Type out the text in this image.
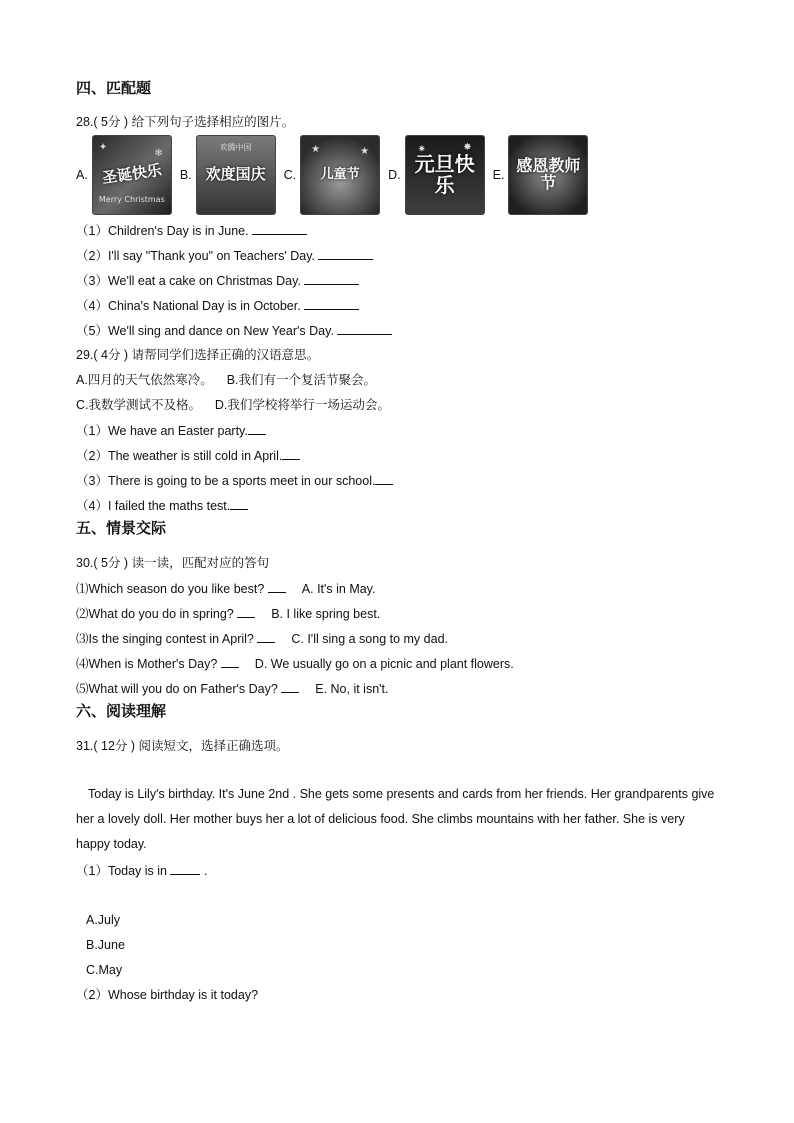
四、匹配题
28.( 5分 ) 给下列句子选择相应的图片。
A.
✦
❄
圣诞快乐
Merry Christmas
B.
欢腾中国
欢度国庆 C.
★	★
儿童节 D.
✷	✸
元旦快乐	E. 感恩教师节
（1）Children's Day is in June.
（2）I'll say "Thank you" on Teachers' Day.
（3）We'll eat a cake on Christmas Day.
（4）China's National Day is in October.
（5）We'll sing and dance on New Year's Day.
29.( 4分 ) 请帮同学们选择正确的汉语意思。
A.四月的天气依然寒冷。    B.我们有一个复活节聚会。
C.我数学测试不及格。    D.我们学校将举行一场运动会。
（1）We have an Easter party.
（2）The weather is still cold in April.
（3）There is going to be a sports meet in our school.
（4）I failed the maths test.
五、情景交际
30.( 5分 ) 读一读，匹配对应的答句
⑴Which season do you like best?	A. It's in May.
⑵What do you do in spring?	B. I like spring best.
⑶Is the singing contest in April?	C. I'll sing a song to my dad.
⑷When is Mother's Day?	D. We usually go on a picnic and plant flowers.
⑸What will you do on Father's Day?	E. No, it isn't.
六、阅读理解
31.( 12分 ) 阅读短文，选择正确选项。
Today is Lily's birthday. It's June 2nd . She gets some presents and cards from her friends. Her grandparents give her a lovely doll. Her mother buys her a lot of delicious food. She climbs mountains with her father. She is very happy today.
（1）Today is in  .
A.July
B.June
C.May
（2）Whose birthday is it today?
